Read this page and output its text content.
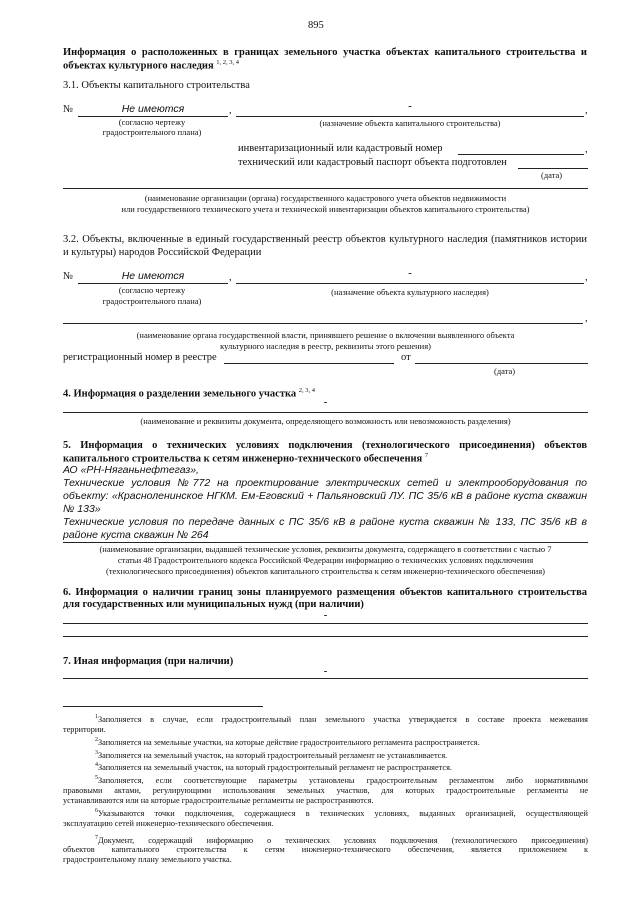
895
Информация о расположенных в границах земельного участка объектах капитального строительства и
объектах культурного наследия $^{1, 2, 3, 4}$
3.1. Объекты капитального строительства
№	Не имеются	,	-	,
(согласно чертежу
градостроительного плана)
(назначение объекта капитального строительства)
инвентаризационный или кадастровый номер	,
технический или кадастровый паспорт объекта подготовлен
(дата)
(наименование организации (органа) государственного кадастрового учета объектов недвижимости
или государственного технического учета и технической инвентаризации объектов капитального строительства)
3.2. Объекты, включенные в единый государственный реестр объектов культурного наследия (памятников истории
и культуры) народов Российской Федерации
№	Не имеются	,	-	,
(согласно чертежу
градостроительного плана)
(назначение объекта культурного наследия)
,
(наименование органа государственной власти, принявшего решение о включении выявленного объекта
культурного наследия в реестр, реквизиты этого решения)
регистрационный номер в реестре	от
(дата)
4. Информация о разделении земельного участка $^{2, 3, 4}$
-
(наименование и реквизиты документа, определяющего возможность или невозможность разделения)
5. Информация о технических условиях подключения (технологического присоединения) объектов
капитального строительства к сетям инженерно-технического обеспечения $^7$
АО «РН-Няганьнефтегаз»,
Технические условия №772 на проектирование электрических сетей и электрооборудования по
объекту: «Красноленинское НГКМ. Ем-Еговский + Пальяновский ЛУ. ПС 35/6 кВ в районе куста скважин
№ 133»
Технические условия по передаче данных с ПС 35/6 кВ в районе куста скважин № 133, ПС 35/6 кВ в
районе куста скважин № 264
(наименование организации, выдавшей технические условия, реквизиты документа, содержащего в соответствии с частью 7
статьи 48 Градостроительного кодекса Российской Федерации информацию о технических условиях подключения
(технологического присоединения) объектов капитального строительства к сетям инженерно-технического обеспечения)
6. Информация о наличии границ зоны планируемого размещения объектов капитального строительства
для государственных или муниципальных нужд (при наличии)
-
7. Иная информация (при наличии)
-
$^1$Заполняется в случае, если градостроительный план земельного участка утверждается в составе проекта межевания
территории.
$^2$Заполняется на земельные участки, на которые действие градостроительного регламента распространяется.
$^3$Заполняется на земельный участок, на который градостроительный регламент не устанавливается.
$^4$Заполняется на земельный участок, на который градостроительный регламент не распространяется.
$^5$Заполняется, если соответствующие параметры установлены градостроительным регламентом либо нормативными
правовыми актами, регулирующими использования земельных участков, для которых градостроительные регламенты не
устанавливаются или на которые градостроительные регламенты не распространяются.
$^6$Указываются точки подключения, содержащиеся в технических условиях, выданных организацией, осуществляющей
эксплуатацию сетей инженерно-технического обеспечения.
$^7$Документ, содержащий информацию о технических условиях подключения (технологического присоединения)
объектов капитального строительства к сетям инженерно-технического обеспечения, является приложением к
градостроительному плану земельного участка.
